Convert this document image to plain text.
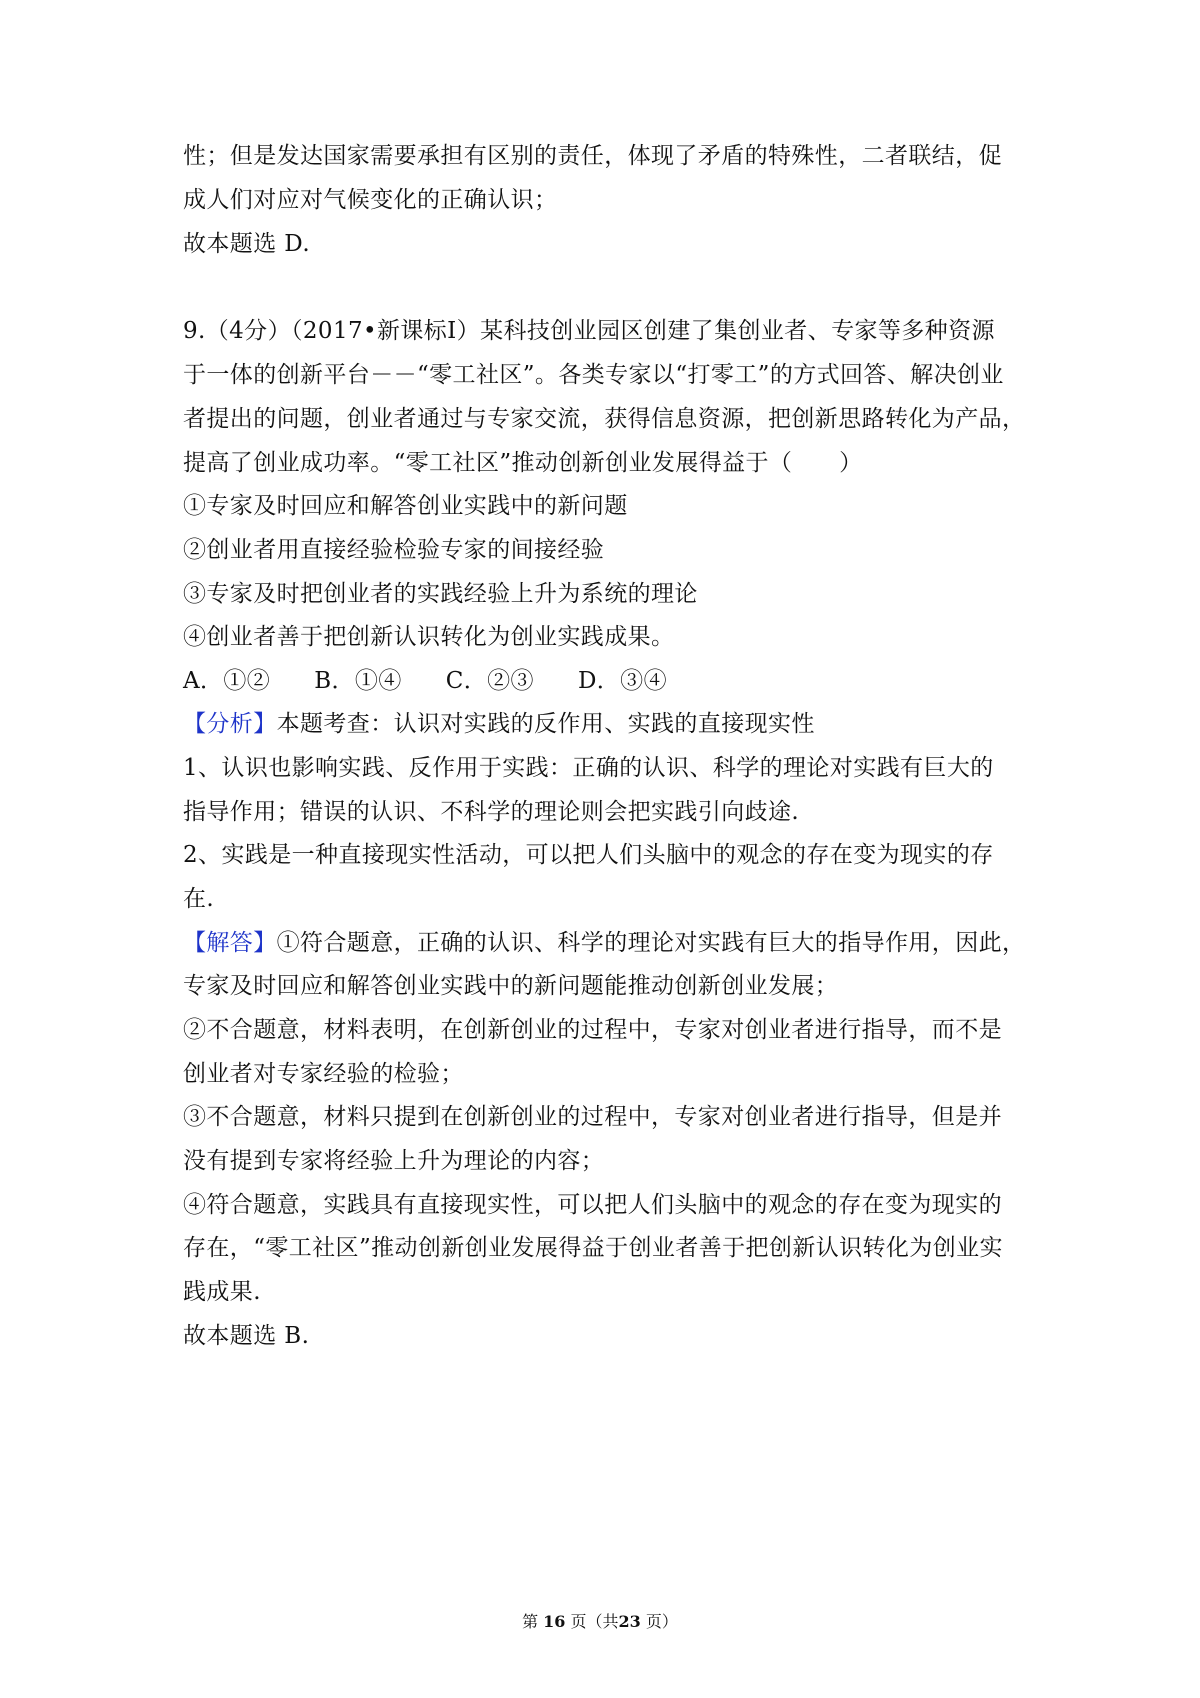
性；但是发达国家需要承担有区别的责任，体现了矛盾的特殊性，二者联结，促
成人们对应对气候变化的正确认识；
故本题选 D.
9.（4分）（2017•新课标Ⅰ）某科技创业园区创建了集创业者、专家等多种资源
于一体的创新平台－－“零工社区”。各类专家以“打零工”的方式回答、解决创业
者提出的问题，创业者通过与专家交流，获得信息资源，把创新思路转化为产品，
提高了创业成功率。“零工社区”推动创新创业发展得益于（　　）
①专家及时回应和解答创业实践中的新问题
②创业者用直接经验检验专家的间接经验
③专家及时把创业者的实践经验上升为系统的理论
④创业者善于把创新认识转化为创业实践成果。
A．①② B．①④ C．②③ D．③④
【分析】本题考查：认识对实践的反作用、实践的直接现实性
1、认识也影响实践、反作用于实践：正确的认识、科学的理论对实践有巨大的
指导作用；错误的认识、不科学的理论则会把实践引向歧途.
2、实践是一种直接现实性活动，可以把人们头脑中的观念的存在变为现实的存
在.
【解答】①符合题意，正确的认识、科学的理论对实践有巨大的指导作用，因此，
专家及时回应和解答创业实践中的新问题能推动创新创业发展；
②不合题意，材料表明，在创新创业的过程中，专家对创业者进行指导，而不是
创业者对专家经验的检验；
③不合题意，材料只提到在创新创业的过程中，专家对创业者进行指导，但是并
没有提到专家将经验上升为理论的内容；
④符合题意，实践具有直接现实性，可以把人们头脑中的观念的存在变为现实的
存在，“零工社区”推动创新创业发展得益于创业者善于把创新认识转化为创业实
践成果.
故本题选 B.
第 16 页（共23 页）
